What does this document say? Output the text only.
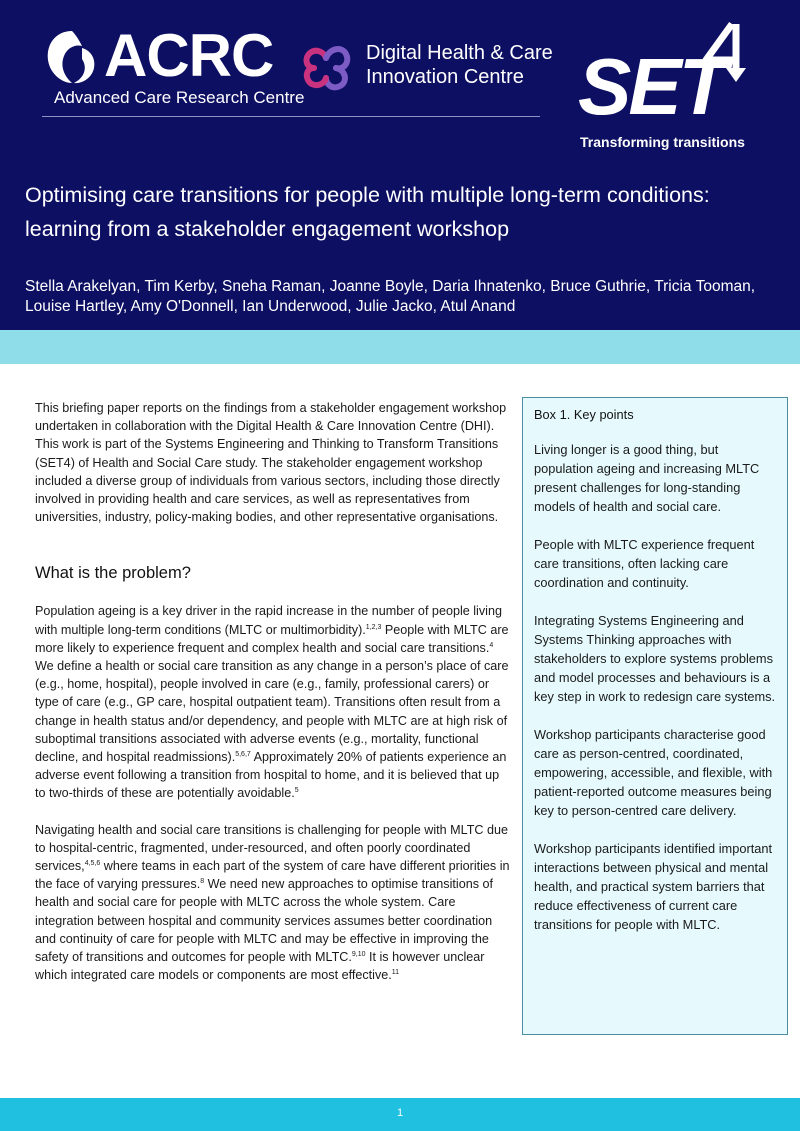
ACRC
Advanced Care Research Centre
Digital Health & Care
Innovation Centre SET
Transforming transitions
Optimising care transitions for people with multiple long-term conditions:
learning from a stakeholder engagement workshop
Stella Arakelyan, Tim Kerby, Sneha Raman, Joanne Boyle, Daria Ihnatenko, Bruce Guthrie, Tricia Tooman,
Louise Hartley, Amy O'Donnell, Ian Underwood, Julie Jacko, Atul Anand

This briefing paper reports on the findings from a stakeholder engagement workshop undertaken in collaboration with the Digital Health & Care Innovation Centre (DHI). This work is part of the Systems Engineering and Thinking to Transform Transitions (SET4) of Health and Social Care study. The stakeholder engagement workshop included a diverse group of individuals from various sectors, including those directly involved in providing health and care services, as well as representatives from universities, industry, policy-making bodies, and other representative organisations.

What is the problem?

Population ageing is a key driver in the rapid increase in the number of people living with multiple long-term conditions (MLTC or multimorbidity).$^{1,2,3}$ People with MLTC are more likely to experience frequent and complex health and social care transitions.$^4$ We define a health or social care transition as any change in a person’s place of care (e.g., home, hospital), people involved in care (e.g., family, professional carers) or type of care (e.g., GP care, hospital outpatient team). Transitions often result from a change in health status and/or dependency, and people with MLTC are at high risk of suboptimal transitions associated with adverse events (e.g., mortality, functional decline, and hospital readmissions).$^{5,6,7}$ Approximately 20% of patients experience an adverse event following a transition from hospital to home, and it is believed that up to two-thirds of these are potentially avoidable.$^5$

Navigating health and social care transitions is challenging for people with MLTC due to hospital-centric, fragmented, under-resourced, and often poorly coordinated services,$^{4,5,6}$ where teams in each part of the system of care have different priorities in the face of varying pressures.$^8$ We need new approaches to optimise transitions of health and social care for people with MLTC across the whole system. Care integration between hospital and community services assumes better coordination and continuity of care for people with MLTC and may be effective in improving the safety of transitions and outcomes for people with MLTC.$^{9,10}$ It is however unclear which integrated care models or components are most effective.$^{11}$

Box 1. Key points
Living longer is a good thing, but population ageing and increasing MLTC present challenges for long-standing models of health and social care.
People with MLTC experience frequent care transitions, often lacking care coordination and continuity.
Integrating Systems Engineering and Systems Thinking approaches with stakeholders to explore systems problems and model processes and behaviours is a key step in work to redesign care systems.
Workshop participants characterise good care as person-centred, coordinated, empowering, accessible, and flexible, with patient-reported outcome measures being key to person-centred care delivery.
Workshop participants identified important interactions between physical and mental health, and practical system barriers that reduce effectiveness of current care transitions for people with MLTC.
1
